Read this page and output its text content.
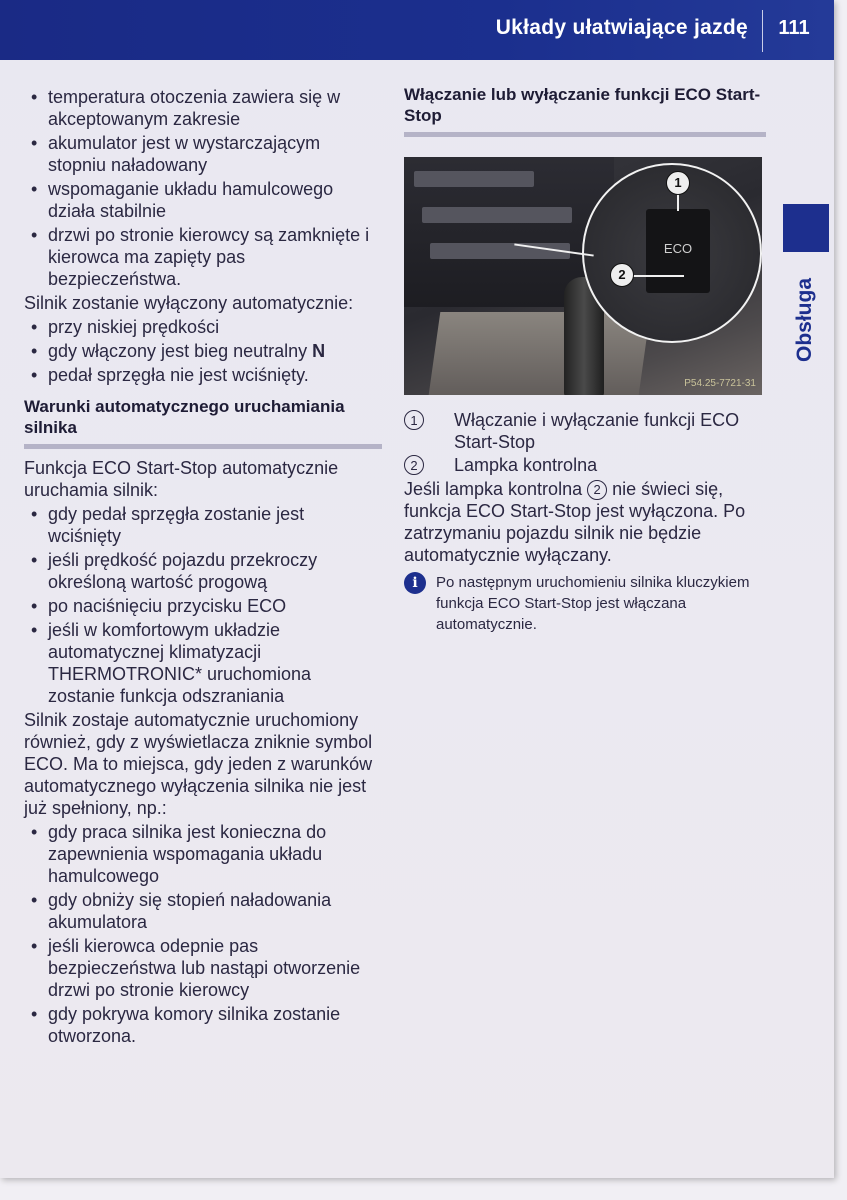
Układy ułatwiające jazdę	111
Obsługa
• temperatura otoczenia zawiera się w akceptowanym zakresie
• akumulator jest w wystarczającym stopniu naładowany
• wspomaganie układu hamulcowego działa stabilnie
• drzwi po stronie kierowcy są zamknięte i kierowca ma zapięty pas bezpieczeństwa.

Silnik zostanie wyłączony automatycznie:

• przy niskiej prędkości
• gdy włączony jest bieg neutralny N
• pedał sprzęgła nie jest wciśnięty.
Warunki automatycznego uruchamiania silnika

Funkcja ECO Start-Stop automatycznie uruchamia silnik:

• gdy pedał sprzęgła zostanie jest wciśnięty
• jeśli prędkość pojazdu przekroczy określoną wartość progową
• po naciśnięciu przycisku ECO
• jeśli w komfortowym układzie automatycznej klimatyzacji THERMOTRONIC* uruchomiona zostanie funkcja odszraniania

Silnik zostaje automatycznie uruchomiony również, gdy z wyświetlacza zniknie symbol ECO. Ma to miejsca, gdy jeden z warunków automatycznego wyłączenia silnika nie jest już spełniony, np.:

• gdy praca silnika jest konieczna do zapewnienia wspomagania układu hamulcowego
• gdy obniży się stopień naładowania akumulatora
• jeśli kierowca odepnie pas bezpieczeństwa lub nastąpi otworzenie drzwi po stronie kierowcy
• gdy pokrywa komory silnika zostanie otworzona.
Włączanie lub wyłączanie funkcji ECO Start-Stop
ECO
1
2
P54.25-7721-31
1	Włączanie i wyłączanie funkcji ECO Start-Stop
2	Lampka kontrolna

Jeśli lampka kontrolna 2 nie świeci się, funkcja ECO Start-Stop jest wyłączona. Po zatrzymaniu pojazdu silnik nie będzie automatycznie wyłączany.

i	Po następnym uruchomieniu silnika kluczykiem funkcja ECO Start-Stop jest włączana automatycznie.
